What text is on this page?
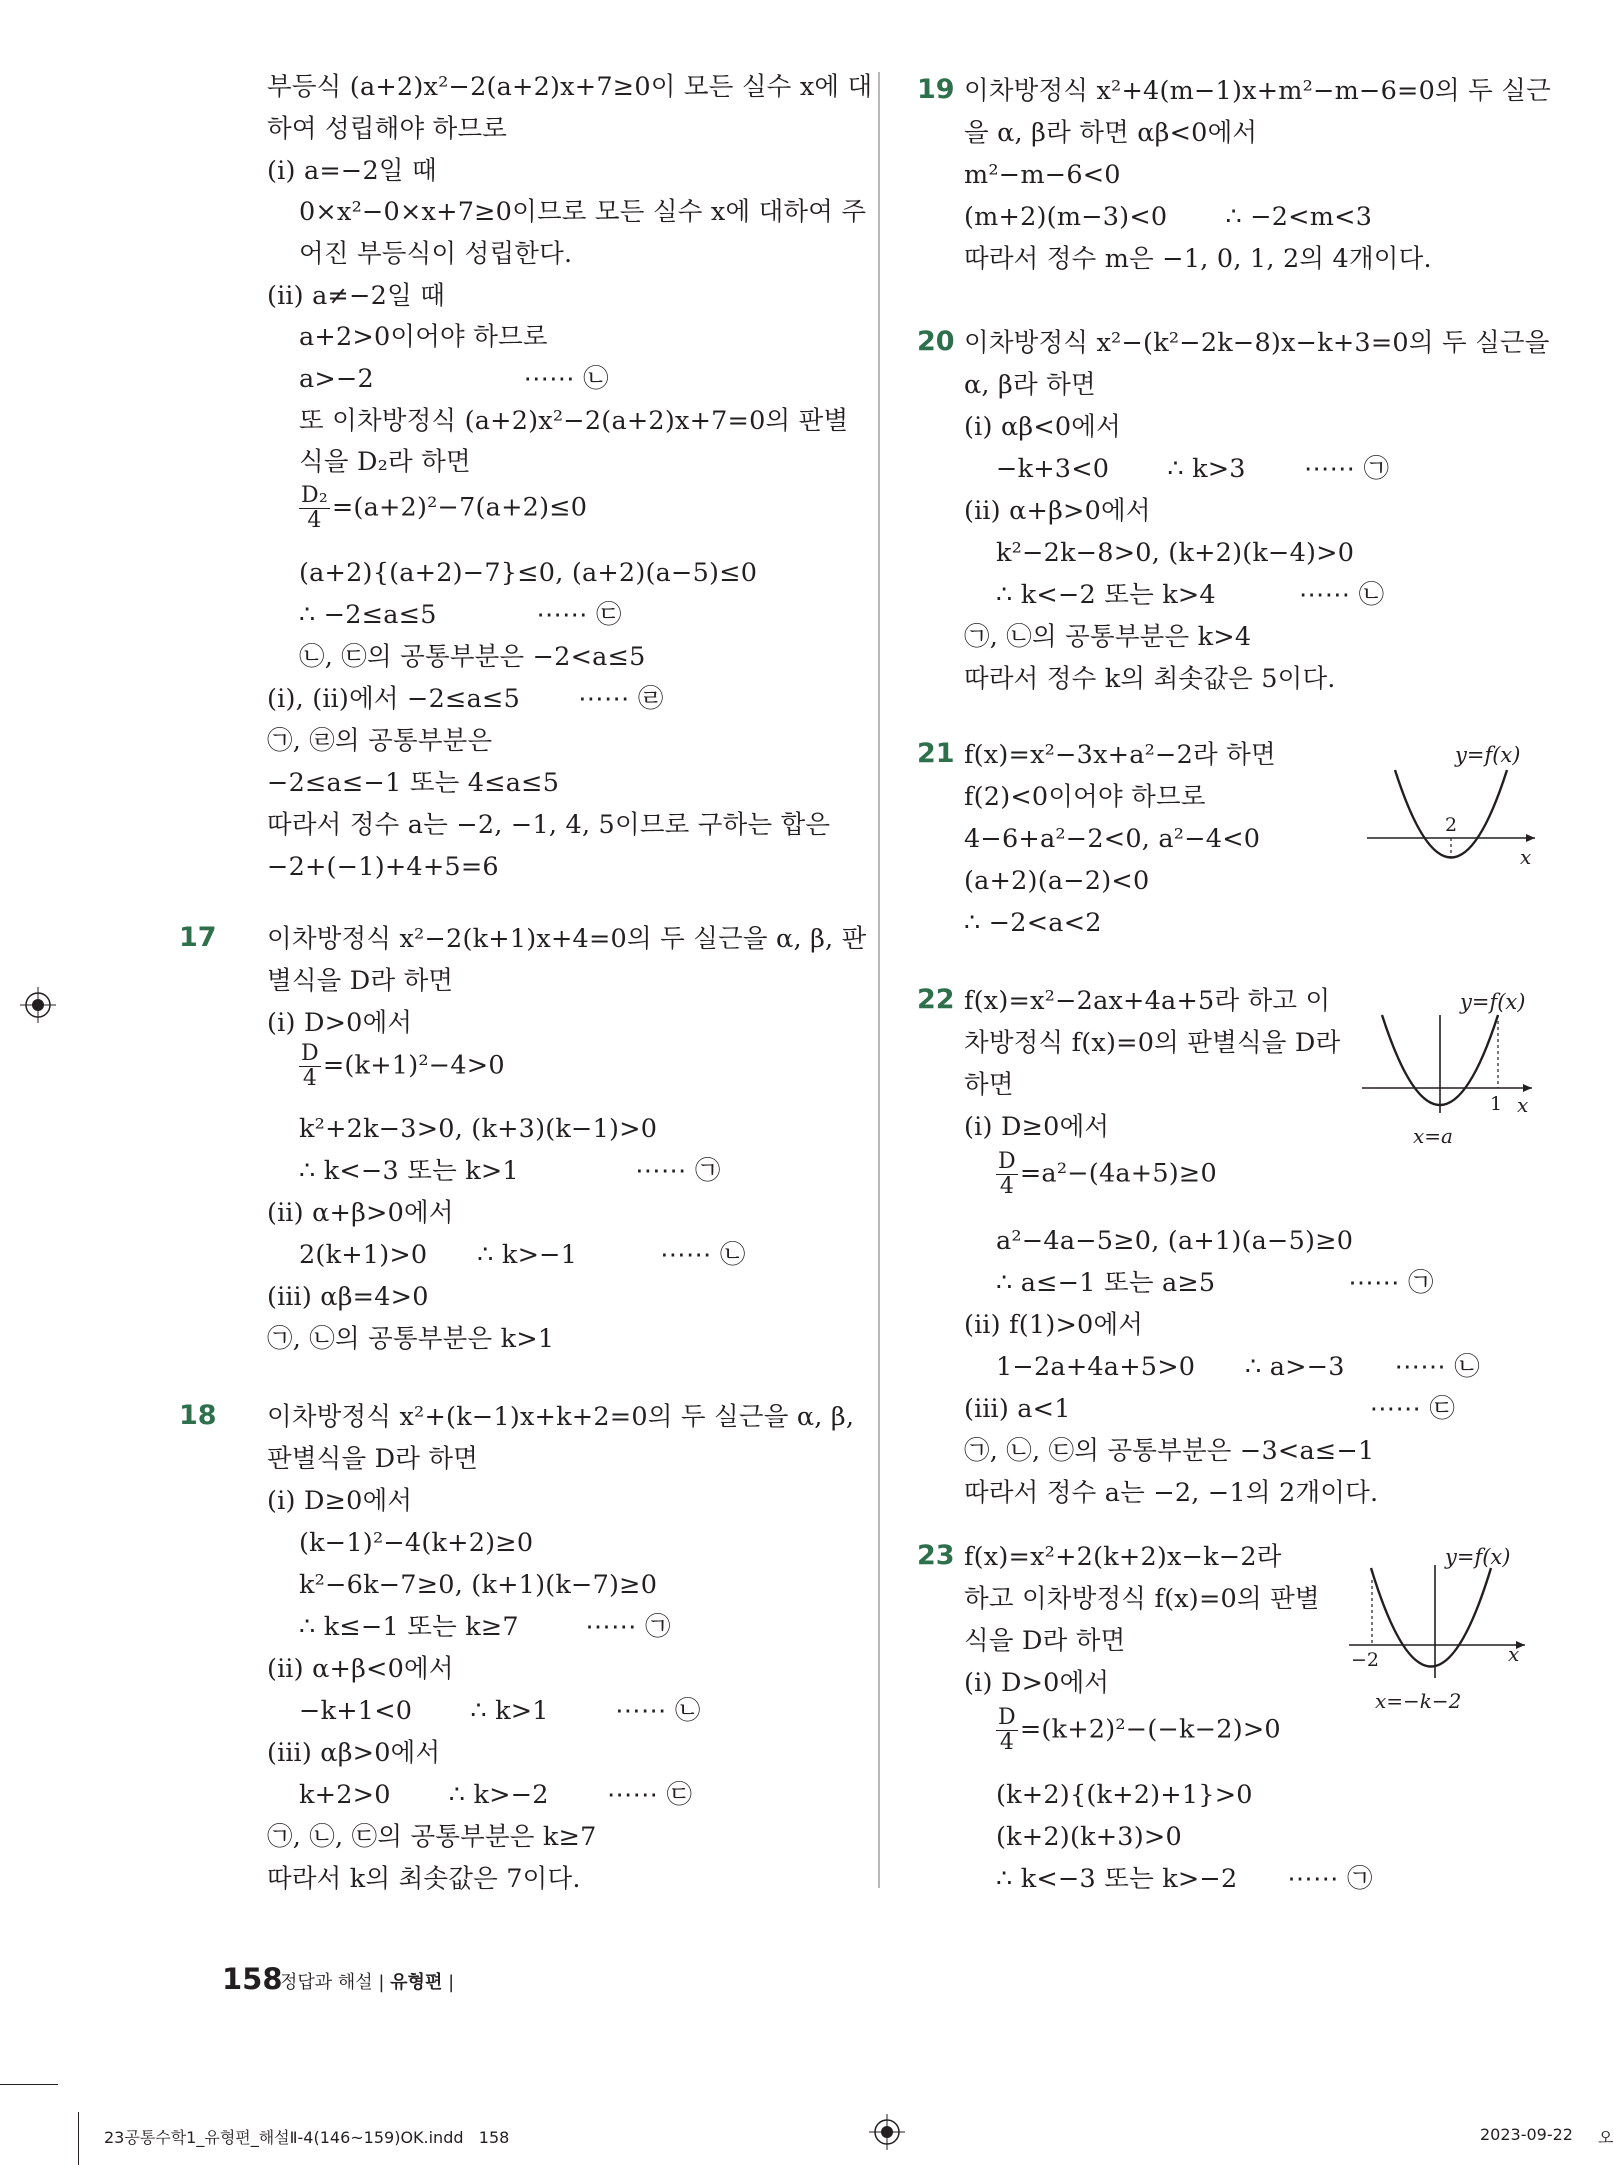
부등식 (a+2)x²−2(a+2)x+7≥0이 모든 실수 x에 대
하여 성립해야 하므로
(ⅰ) a=−2일 때
0×x²−0×x+7≥0이므로 모든 실수 x에 대하여 주
어진 부등식이 성립한다.
(ⅱ) a≠−2일 때
a+2>0이어야 하므로
a>−2                  ⋯⋯ ㉡
또 이차방정식 (a+2)x²−2(a+2)x+7=0의 판별
식을 D₂라 하면
$\frac{\text{D₂}}{4} =(a+2)^2-7(a+2)\le 0$
(a+2){(a+2)−7}≤0, (a+2)(a−5)≤0
∴ −2≤a≤5            ⋯⋯ ㉢
㉡, ㉢의 공통부분은 −2<a≤5
(ⅰ), (ⅱ)에서 −2≤a≤5       ⋯⋯ ㉣
㉠, ㉣의 공통부분은
−2≤a≤−1 또는 4≤a≤5
따라서 정수 a는 −2, −1, 4, 5이므로 구하는 합은
−2+(−1)+4+5=6
17 이차방정식 x²−2(k+1)x+4=0의 두 실근을 α, β, 판
별식을 D라 하면
(ⅰ) D>0에서
$\frac{D}{4} =(k+1)^2-4>0$
k²+2k−3>0, (k+3)(k−1)>0
∴ k<−3 또는 k>1              ⋯⋯ ㉠
(ⅱ) α+β>0에서
2(k+1)>0      ∴ k>−1          ⋯⋯ ㉡
(ⅲ) αβ=4>0
㉠, ㉡의 공통부분은 k>1
18 이차방정식 x²+(k−1)x+k+2=0의 두 실근을 α, β,
판별식을 D라 하면
(ⅰ) D≥0에서
(k−1)²−4(k+2)≥0
k²−6k−7≥0, (k+1)(k−7)≥0
∴ k≤−1 또는 k≥7        ⋯⋯ ㉠
(ⅱ) α+β<0에서
−k+1<0       ∴ k>1        ⋯⋯ ㉡
(ⅲ) αβ>0에서
k+2>0       ∴ k>−2       ⋯⋯ ㉢
㉠, ㉡, ㉢의 공통부분은 k≥7
따라서 k의 최솟값은 7이다.
19 이차방정식 x²+4(m−1)x+m²−m−6=0의 두 실근
을 α, β라 하면 αβ<0에서
m²−m−6<0
(m+2)(m−3)<0       ∴ −2<m<3
따라서 정수 m은 −1, 0, 1, 2의 4개이다.
20 이차방정식 x²−(k²−2k−8)x−k+3=0의 두 실근을
α, β라 하면
(ⅰ) αβ<0에서
−k+3<0       ∴ k>3       ⋯⋯ ㉠
(ⅱ) α+β>0에서
k²−2k−8>0, (k+2)(k−4)>0
∴ k<−2 또는 k>4          ⋯⋯ ㉡
㉠, ㉡의 공통부분은 k>4
따라서 정수 k의 최솟값은 5이다.
21 f(x)=x²−3x+a²−2라 하면
f(2)<0이어야 하므로
4−6+a²−2<0, a²−4<0
(a+2)(a−2)<0
∴ −2<a<2
22 f(x)=x²−2ax+4a+5라 하고 이
차방정식 f(x)=0의 판별식을 D라
하면
(ⅰ) D≥0에서
$\frac{D}{4} =a^2-(4a+5)\ge 0$
a²−4a−5≥0, (a+1)(a−5)≥0
∴ a≤−1 또는 a≥5                ⋯⋯ ㉠
(ⅱ) f(1)>0에서
1−2a+4a+5>0      ∴ a>−3      ⋯⋯ ㉡
(ⅲ) a<1                                    ⋯⋯ ㉢
㉠, ㉡, ㉢의 공통부분은 −3<a≤−1
따라서 정수 a는 −2, −1의 2개이다.
23 f(x)=x²+2(k+2)x−k−2라
하고 이차방정식 f(x)=0의 판별
식을 D라 하면
(ⅰ) D>0에서
$\frac{D}{4} =(k+2)^2-(-k-2)>0$
(k+2){(k+2)+1}>0
(k+2)(k+3)>0
∴ k<−3 또는 k>−2      ⋯⋯ ㉠
y=f(x)
x
2
y=f(x)
x
1
x=a
y=f(x)
x
−2
x=−k−2
158
정답과 해설 | 유형편 |
23공통수학1_유형편_해설Ⅱ-4(146~159)OK.indd   158	2023-09-22 오
